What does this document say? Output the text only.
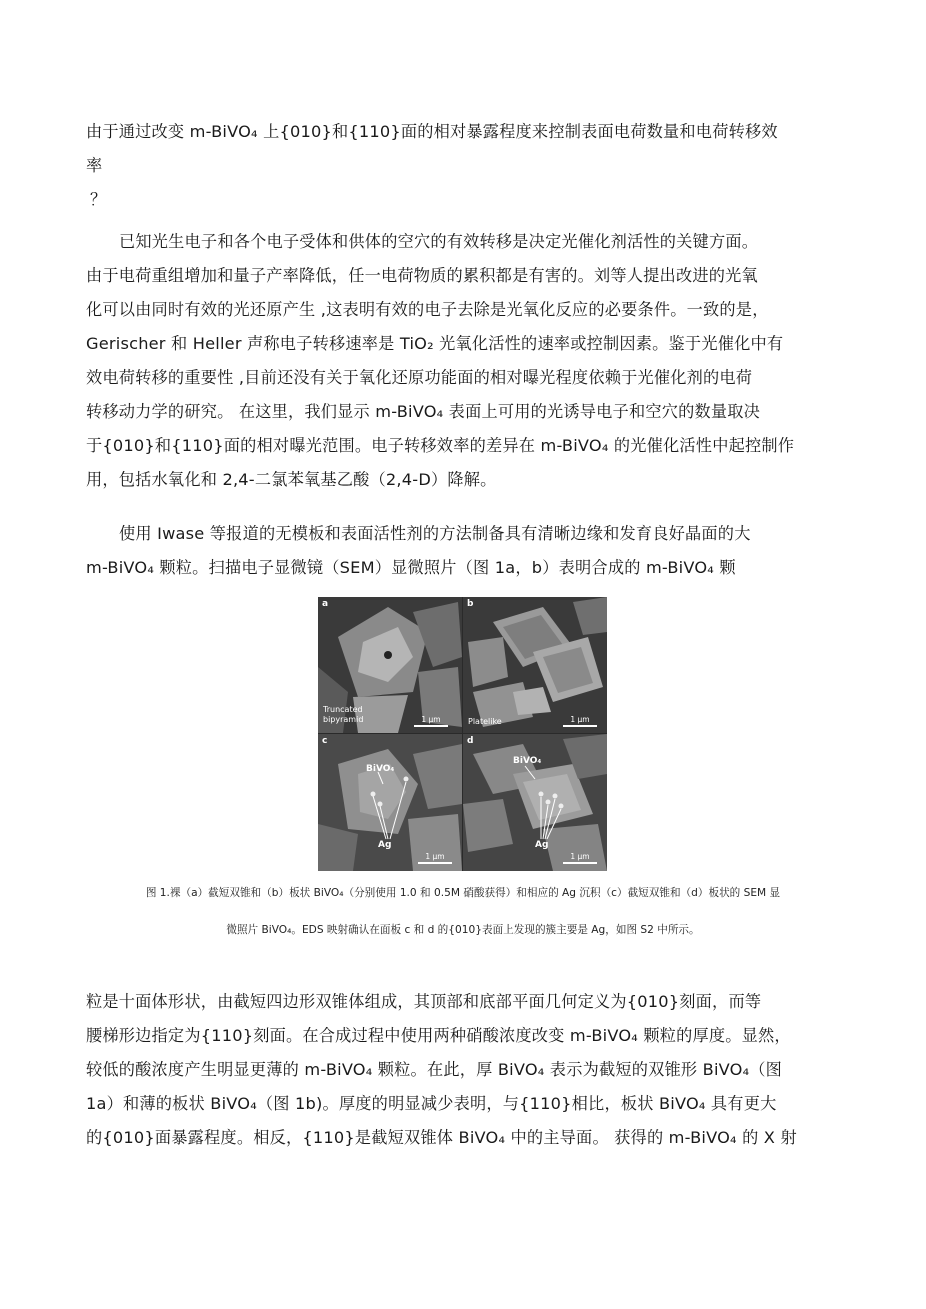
由于通过改变 m-BiVO₄ 上{010}和{110}面的相对暴露程度来控制表面电荷数量和电荷转移效
率
？
已知光生电子和各个电子受体和供体的空穴的有效转移是决定光催化剂活性的关键方面。
由于电荷重组增加和量子产率降低，任一电荷物质的累积都是有害的。刘等人提出改进的光氧
化可以由同时有效的光还原产生 ,这表明有效的电子去除是光氧化反应的必要条件。一致的是，
Gerischer 和 Heller 声称电子转移速率是 TiO₂ 光氧化活性的速率或控制因素。鉴于光催化中有
效电荷转移的重要性 ,目前还没有关于氧化还原功能面的相对曝光程度依赖于光催化剂的电荷
转移动力学的研究。 在这里，我们显示 m-BiVO₄ 表面上可用的光诱导电子和空穴的数量取决
于{010}和{110}面的相对曝光范围。电子转移效率的差异在 m-BiVO₄ 的光催化活性中起控制作
用，包括水氧化和 2,4-二氯苯氧基乙酸（2,4-D）降解。
使用 Iwase 等报道的无模板和表面活性剂的方法制备具有清晰边缘和发育良好晶面的大
m-BiVO₄ 颗粒。扫描电子显微镜（SEM）显微照片（图 1a，b）表明合成的 m-BiVO₄ 颗
a
Truncated
bipyramid	1 μm
b
Platelike	1 μm
c
BiVO₄
Ag
1 μm
d
BiVO₄
Ag
1 μm
图 1.裸（a）截短双锥和（b）板状 BiVO₄（分别使用 1.0 和 0.5M 硝酸获得）和相应的 Ag 沉积（c）截短双锥和（d）板状的 SEM 显
微照片 BiVO₄。EDS 映射确认在面板 c 和 d 的{010}表面上发现的簇主要是 Ag，如图 S2 中所示。
粒是十面体形状，由截短四边形双锥体组成，其顶部和底部平面几何定义为{010}刻面，而等
腰梯形边指定为{110}刻面。在合成过程中使用两种硝酸浓度改变 m-BiVO₄ 颗粒的厚度。显然，
较低的酸浓度产生明显更薄的 m-BiVO₄ 颗粒。在此，厚 BiVO₄ 表示为截短的双锥形 BiVO₄（图
1a）和薄的板状 BiVO₄（图 1b)。厚度的明显减少表明，与{110}相比，板状 BiVO₄ 具有更大
的{010}面暴露程度。相反，{110}是截短双锥体 BiVO₄ 中的主导面。 获得的 m-BiVO₄ 的 X 射
